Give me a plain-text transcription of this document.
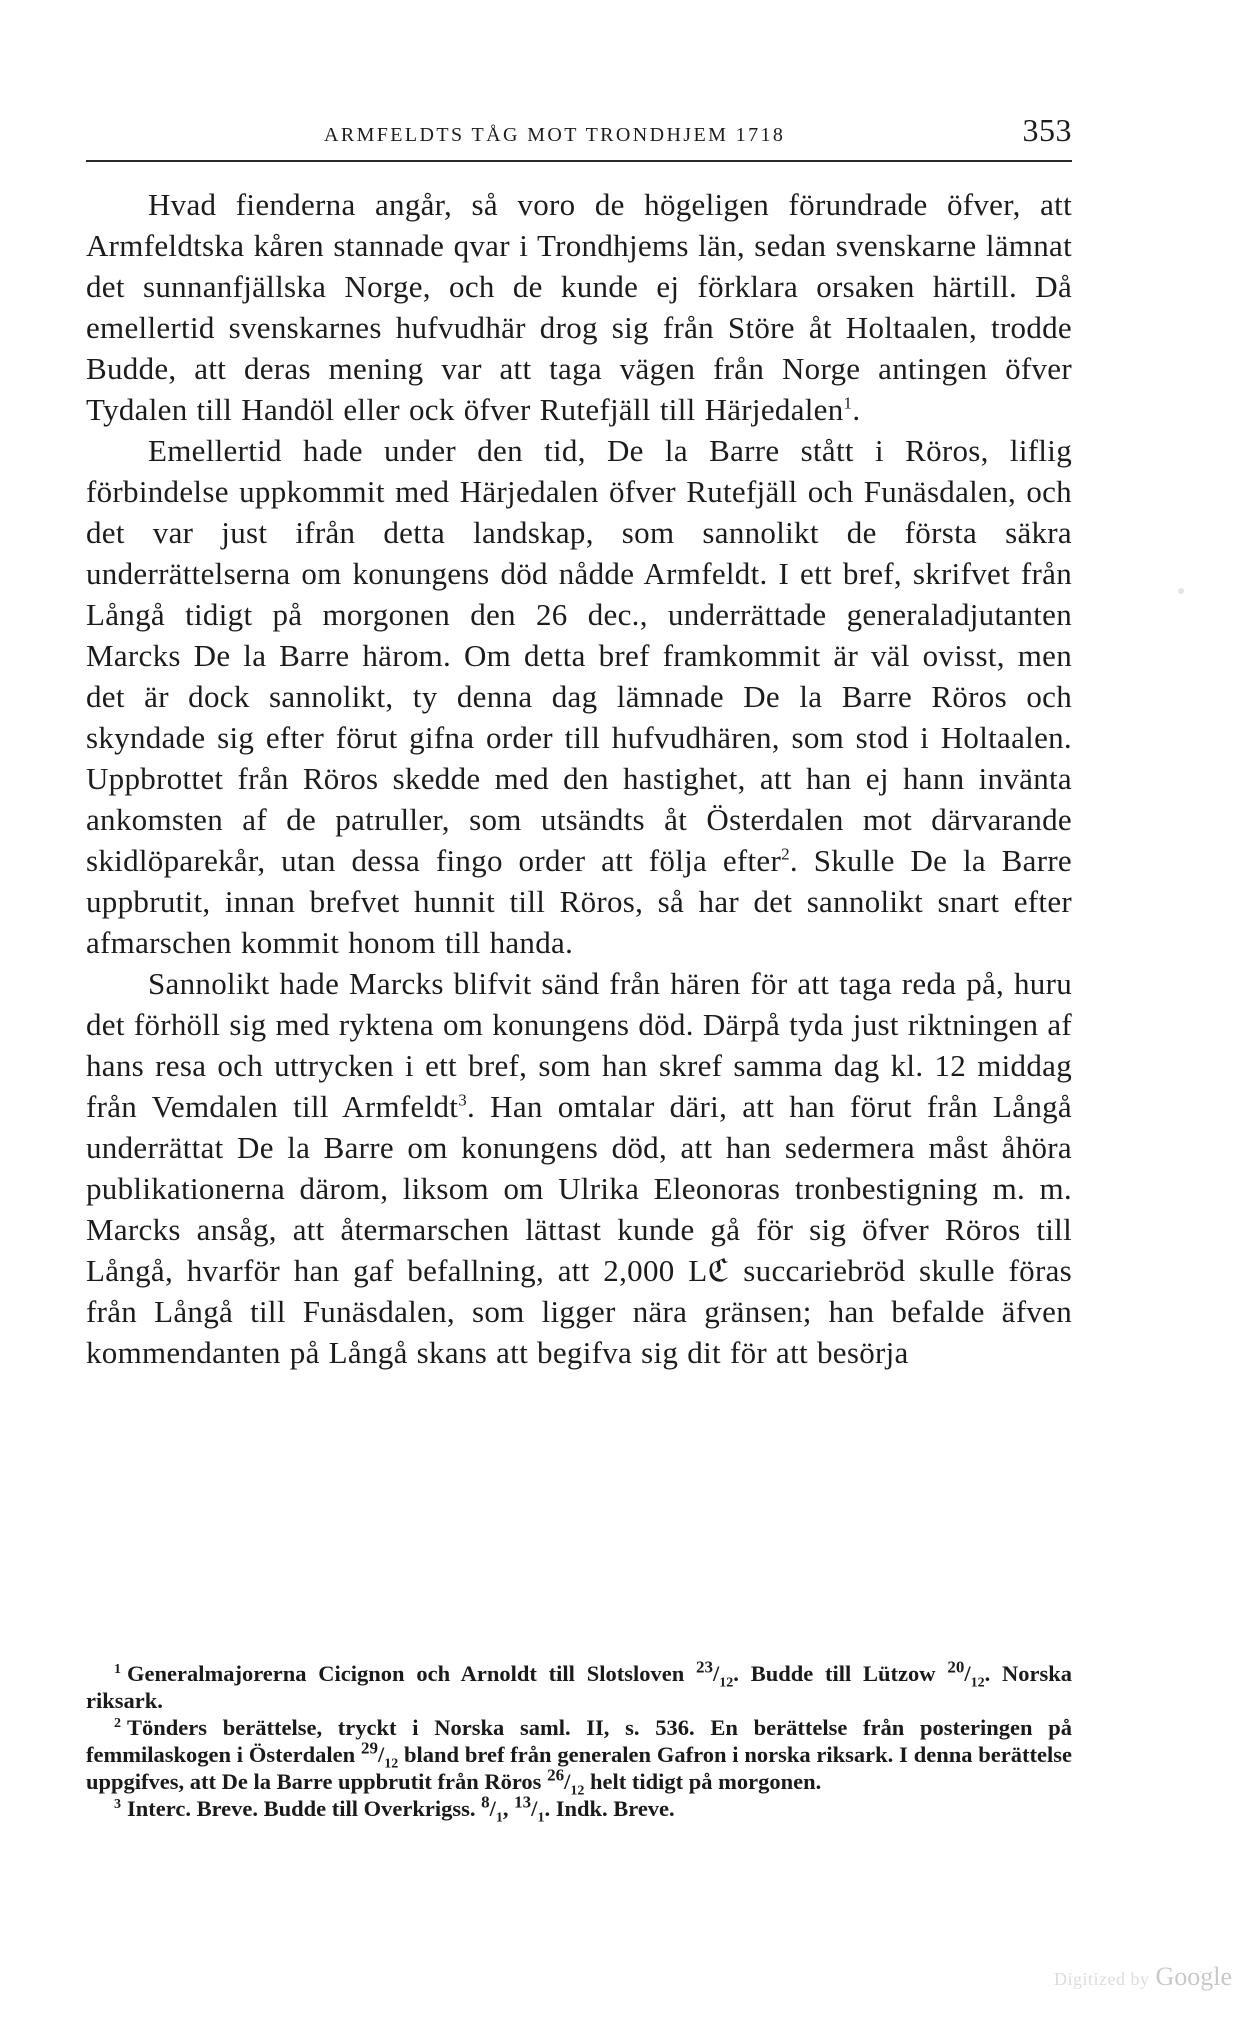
ARMFELDTS TÅG MOT TRONDHJEM 1718	353

Hvad fienderna angår, så voro de högeligen förundrade öfver, att Armfeldtska kåren stannade qvar i Trondhjems län, sedan svenskarne lämnat det sunnanfjällska Norge, och de kunde ej förklara orsaken härtill. Då emellertid svenskarnes hufvudhär drog sig från Störe åt Holtaalen, trodde Budde, att deras mening var att taga vägen från Norge antingen öfver Tydalen till Handöl eller ock öfver Rutefjäll till Härjedalen$^1$.

Emellertid hade under den tid, De la Barre stått i Röros, liflig förbindelse uppkommit med Härjedalen öfver Rutefjäll och Funäsdalen, och det var just ifrån detta landskap, som sannolikt de första säkra underrättelserna om konungens död nådde Armfeldt. I ett bref, skrifvet från Långå tidigt på morgonen den 26 dec., underrättade generaladjutanten Marcks De la Barre härom. Om detta bref framkommit är väl ovisst, men det är dock sannolikt, ty denna dag lämnade De la Barre Röros och skyndade sig efter förut gifna order till hufvudhären, som stod i Holtaalen. Uppbrottet från Röros skedde med den hastighet, att han ej hann invänta ankomsten af de patruller, som utsändts åt Österdalen mot därvarande skidlöparekår, utan dessa fingo order att följa efter$^2$. Skulle De la Barre uppbrutit, innan brefvet hunnit till Röros, så har det sannolikt snart efter afmarschen kommit honom till handa.

Sannolikt hade Marcks blifvit sänd från hären för att taga reda på, huru det förhöll sig med ryktena om konungens död. Därpå tyda just riktningen af hans resa och uttrycken i ett bref, som han skref samma dag kl. 12 middag från Vemdalen till Armfeldt$^3$. Han omtalar däri, att han förut från Långå underrättat De la Barre om konungens död, att han sedermera måst åhöra publikationerna därom, liksom om Ulrika Eleonoras tronbestigning m. m. Marcks ansåg, att återmarschen lättast kunde gå för sig öfver Röros till Långå, hvarför han gaf befallning, att 2,000 Lℭ succariebröd skulle föras från Långå till Funäsdalen, som ligger nära gränsen; han befalde äfven kommendanten på Långå skans att begifva sig dit för att besörja

$^1$ Generalmajorerna Cicignon och Arnoldt till Slotsloven $^{23}/_{12}$. Budde till Lützow $^{20}/_{12}$. Norska riksark.

$^2$ Tönders berättelse, tryckt i Norska saml. II, s. 536. En berättelse från posteringen på femmilaskogen i Österdalen $^{29}/_{12}$ bland bref från generalen Gafron i norska riksark. I denna berättelse uppgifves, att De la Barre uppbrutit från Röros $^{26}/_{12}$ helt tidigt på morgonen.

$^3$ Interc. Breve. Budde till Overkrigss. $^8/_1$, $^{13}/_1$. Indk. Breve.

Digitized by Google
